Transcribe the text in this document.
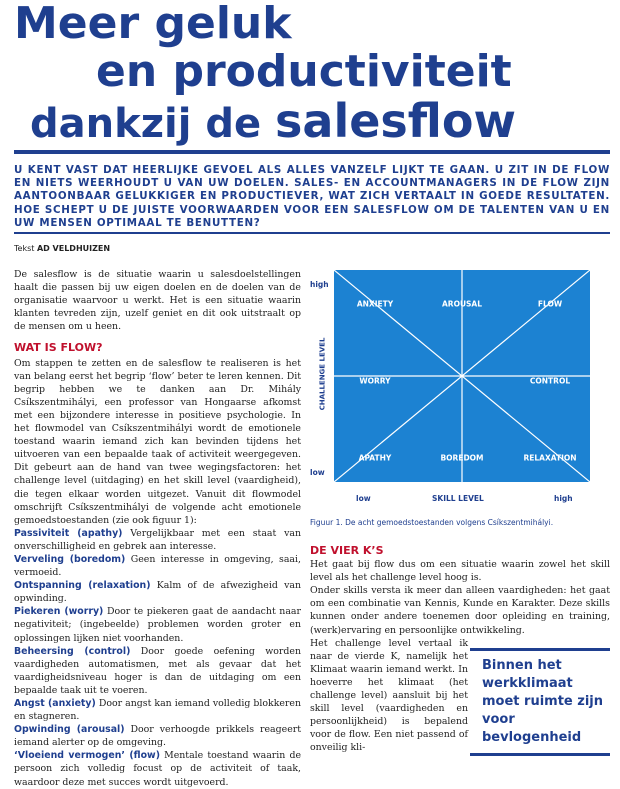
Meer geluk
en productiviteit
dankzij de salesflow
U KENT VAST DAT HEERLIJKE GEVOEL ALS ALLES VANZELF LIJKT TE GAAN. U ZIT IN DE FLOW EN NIETS WEERHOUDT U VAN UW DOELEN. SALES- EN ACCOUNTMANAGERS IN DE FLOW ZIJN AANTOONBAAR GELUKKIGER EN PRODUCTIEVER, WAT ZICH VERTAALT IN GOEDE RESULTATEN. HOE SCHEPT U DE JUISTE VOORWAARDEN VOOR EEN SALESFLOW OM DE TALENTEN VAN U EN UW MENSEN OPTIMAAL TE BENUTTEN?
Tekst AD VELDHUIZEN

De salesflow is de situatie waarin u salesdoelstellingen haalt die passen bij uw eigen doelen en de doelen van de organisatie waarvoor u werkt. Het is een situatie waarin klanten tevreden zijn, uzelf geniet en dit ook uitstraalt op de mensen om u heen.

WAT IS FLOW?

Om stappen te zetten en de salesflow te realiseren is het van belang eerst het begrip ‘flow’ beter te leren kennen. Dit begrip hebben we te danken aan Dr. Mihály Csíkszentmihályi, een professor van Hongaarse afkomst met een bijzondere interesse in positieve psychologie. In het flowmodel van Csíkszentmihályi wordt de emotionele toestand waarin iemand zich kan bevinden tijdens het uitvoeren van een bepaalde taak of activiteit weergegeven. Dit gebeurt aan de hand van twee wegingsfactoren: het challenge level (uitdaging) en het skill level (vaardigheid), die tegen elkaar worden uitgezet. Vanuit dit flowmodel omschrijft Csíkszentmihályi de volgende acht emotionele gemoedstoestanden (zie ook figuur 1):

Passiviteit (apathy) Vergelijkbaar met een staat van onverschilligheid en gebrek aan interesse.

Verveling (boredom) Geen interesse in omgeving, saai, vermoeid.

Ontspanning (relaxation) Kalm of de afwezigheid van opwinding.

Piekeren (worry) Door te piekeren gaat de aandacht naar negativiteit; (ingebeelde) problemen worden groter en oplossingen lijken niet voorhanden.

Beheersing (control) Door goede oefening worden vaardigheden automatismen, met als gevaar dat het vaardigheidsniveau hoger is dan de uitdaging om een bepaalde taak uit te voeren.

Angst (anxiety) Door angst kan iemand volledig blokkeren en stagneren.

Opwinding (arousal) Door verhoogde prikkels reageert iemand alerter op de omgeving.

‘Vloeiend vermogen’ (flow) Mentale toestand waarin de persoon zich volledig focust op de activiteit of taak, waardoor deze met succes wordt uitgevoerd.

high
low
CHALLENGE LEVEL
ANXIETY	AROUSAL	FLOW
WORRY	CONTROL
APATHY	BOREDOM	RELAXATION
low	SKILL LEVEL	high
Figuur 1. De acht gemoedstoestanden volgens Csíkszentmihályi.
DE VIER K’S

Het gaat bij flow dus om een situatie waarin zowel het skill level als het challenge level hoog is.

Onder skills versta ik meer dan alleen vaardigheden: het gaat om een combinatie van Kennis, Kunde en Karakter. Deze skills kunnen onder andere toenemen door opleiding en training, (werk)ervaring en persoonlijke ontwikkeling.

Het challenge level vertaal ik naar de vierde K, namelijk het Klimaat waarin iemand werkt. In hoeverre het klimaat (het challenge level) aansluit bij het skill level (vaardigheden en persoonlijkheid) is bepalend voor de flow. Een niet passend of onveilig kli-

Binnen het werkklimaat moet ruimte zijn voor bevlogenheid
